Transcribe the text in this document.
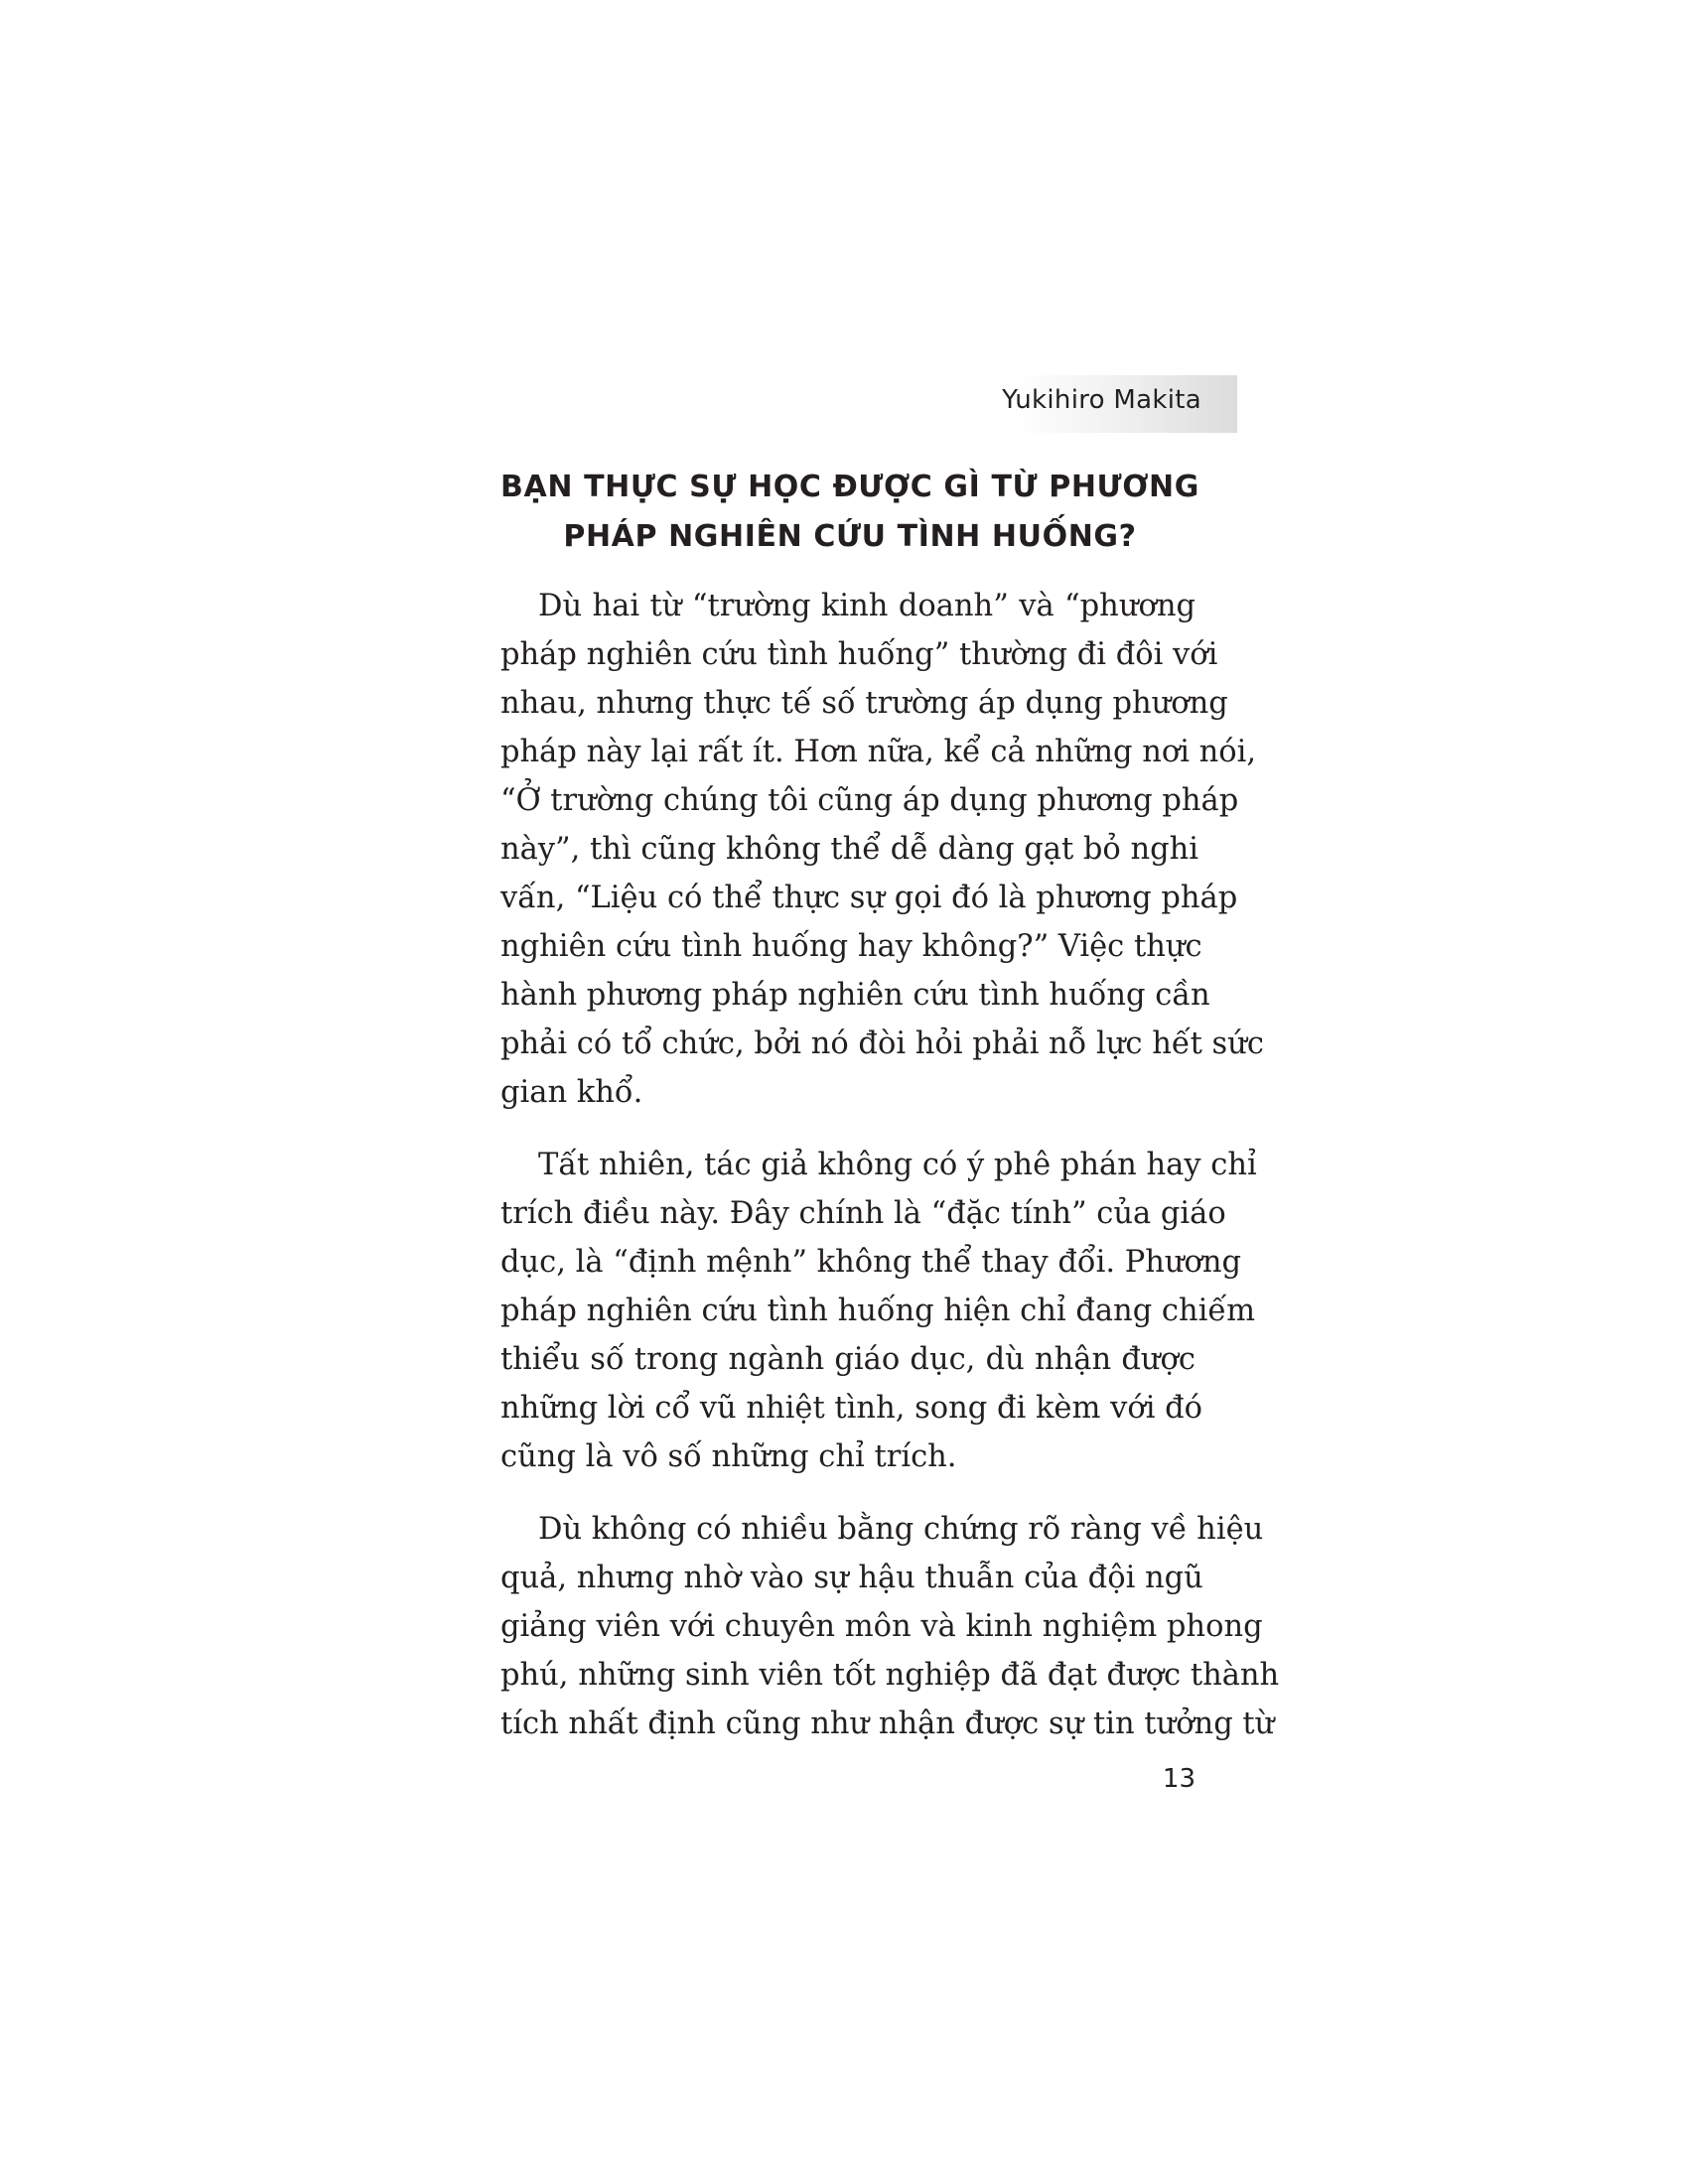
Yukihiro Makita
BẠN THỰC SỰ HỌC ĐƯỢC GÌ TỪ PHƯƠNG
PHÁP NGHIÊN CỨU TÌNH HUỐNG?
Dù hai từ “trường kinh doanh” và “phương
pháp nghiên cứu tình huống” thường đi đôi với
nhau, nhưng thực tế số trường áp dụng phương
pháp này lại rất ít. Hơn nữa, kể cả những nơi nói,
“Ở trường chúng tôi cũng áp dụng phương pháp
này”, thì cũng không thể dễ dàng gạt bỏ nghi
vấn, “Liệu có thể thực sự gọi đó là phương pháp
nghiên cứu tình huống hay không?” Việc thực
hành phương pháp nghiên cứu tình huống cần
phải có tổ chức, bởi nó đòi hỏi phải nỗ lực hết sức
gian khổ.
Tất nhiên, tác giả không có ý phê phán hay chỉ
trích điều này. Đây chính là “đặc tính” của giáo
dục, là “định mệnh” không thể thay đổi. Phương
pháp nghiên cứu tình huống hiện chỉ đang chiếm
thiểu số trong ngành giáo dục, dù nhận được
những lời cổ vũ nhiệt tình, song đi kèm với đó
cũng là vô số những chỉ trích.
Dù không có nhiều bằng chứng rõ ràng về hiệu
quả, nhưng nhờ vào sự hậu thuẫn của đội ngũ
giảng viên với chuyên môn và kinh nghiệm phong
phú, những sinh viên tốt nghiệp đã đạt được thành
tích nhất định cũng như nhận được sự tin tưởng từ
13
